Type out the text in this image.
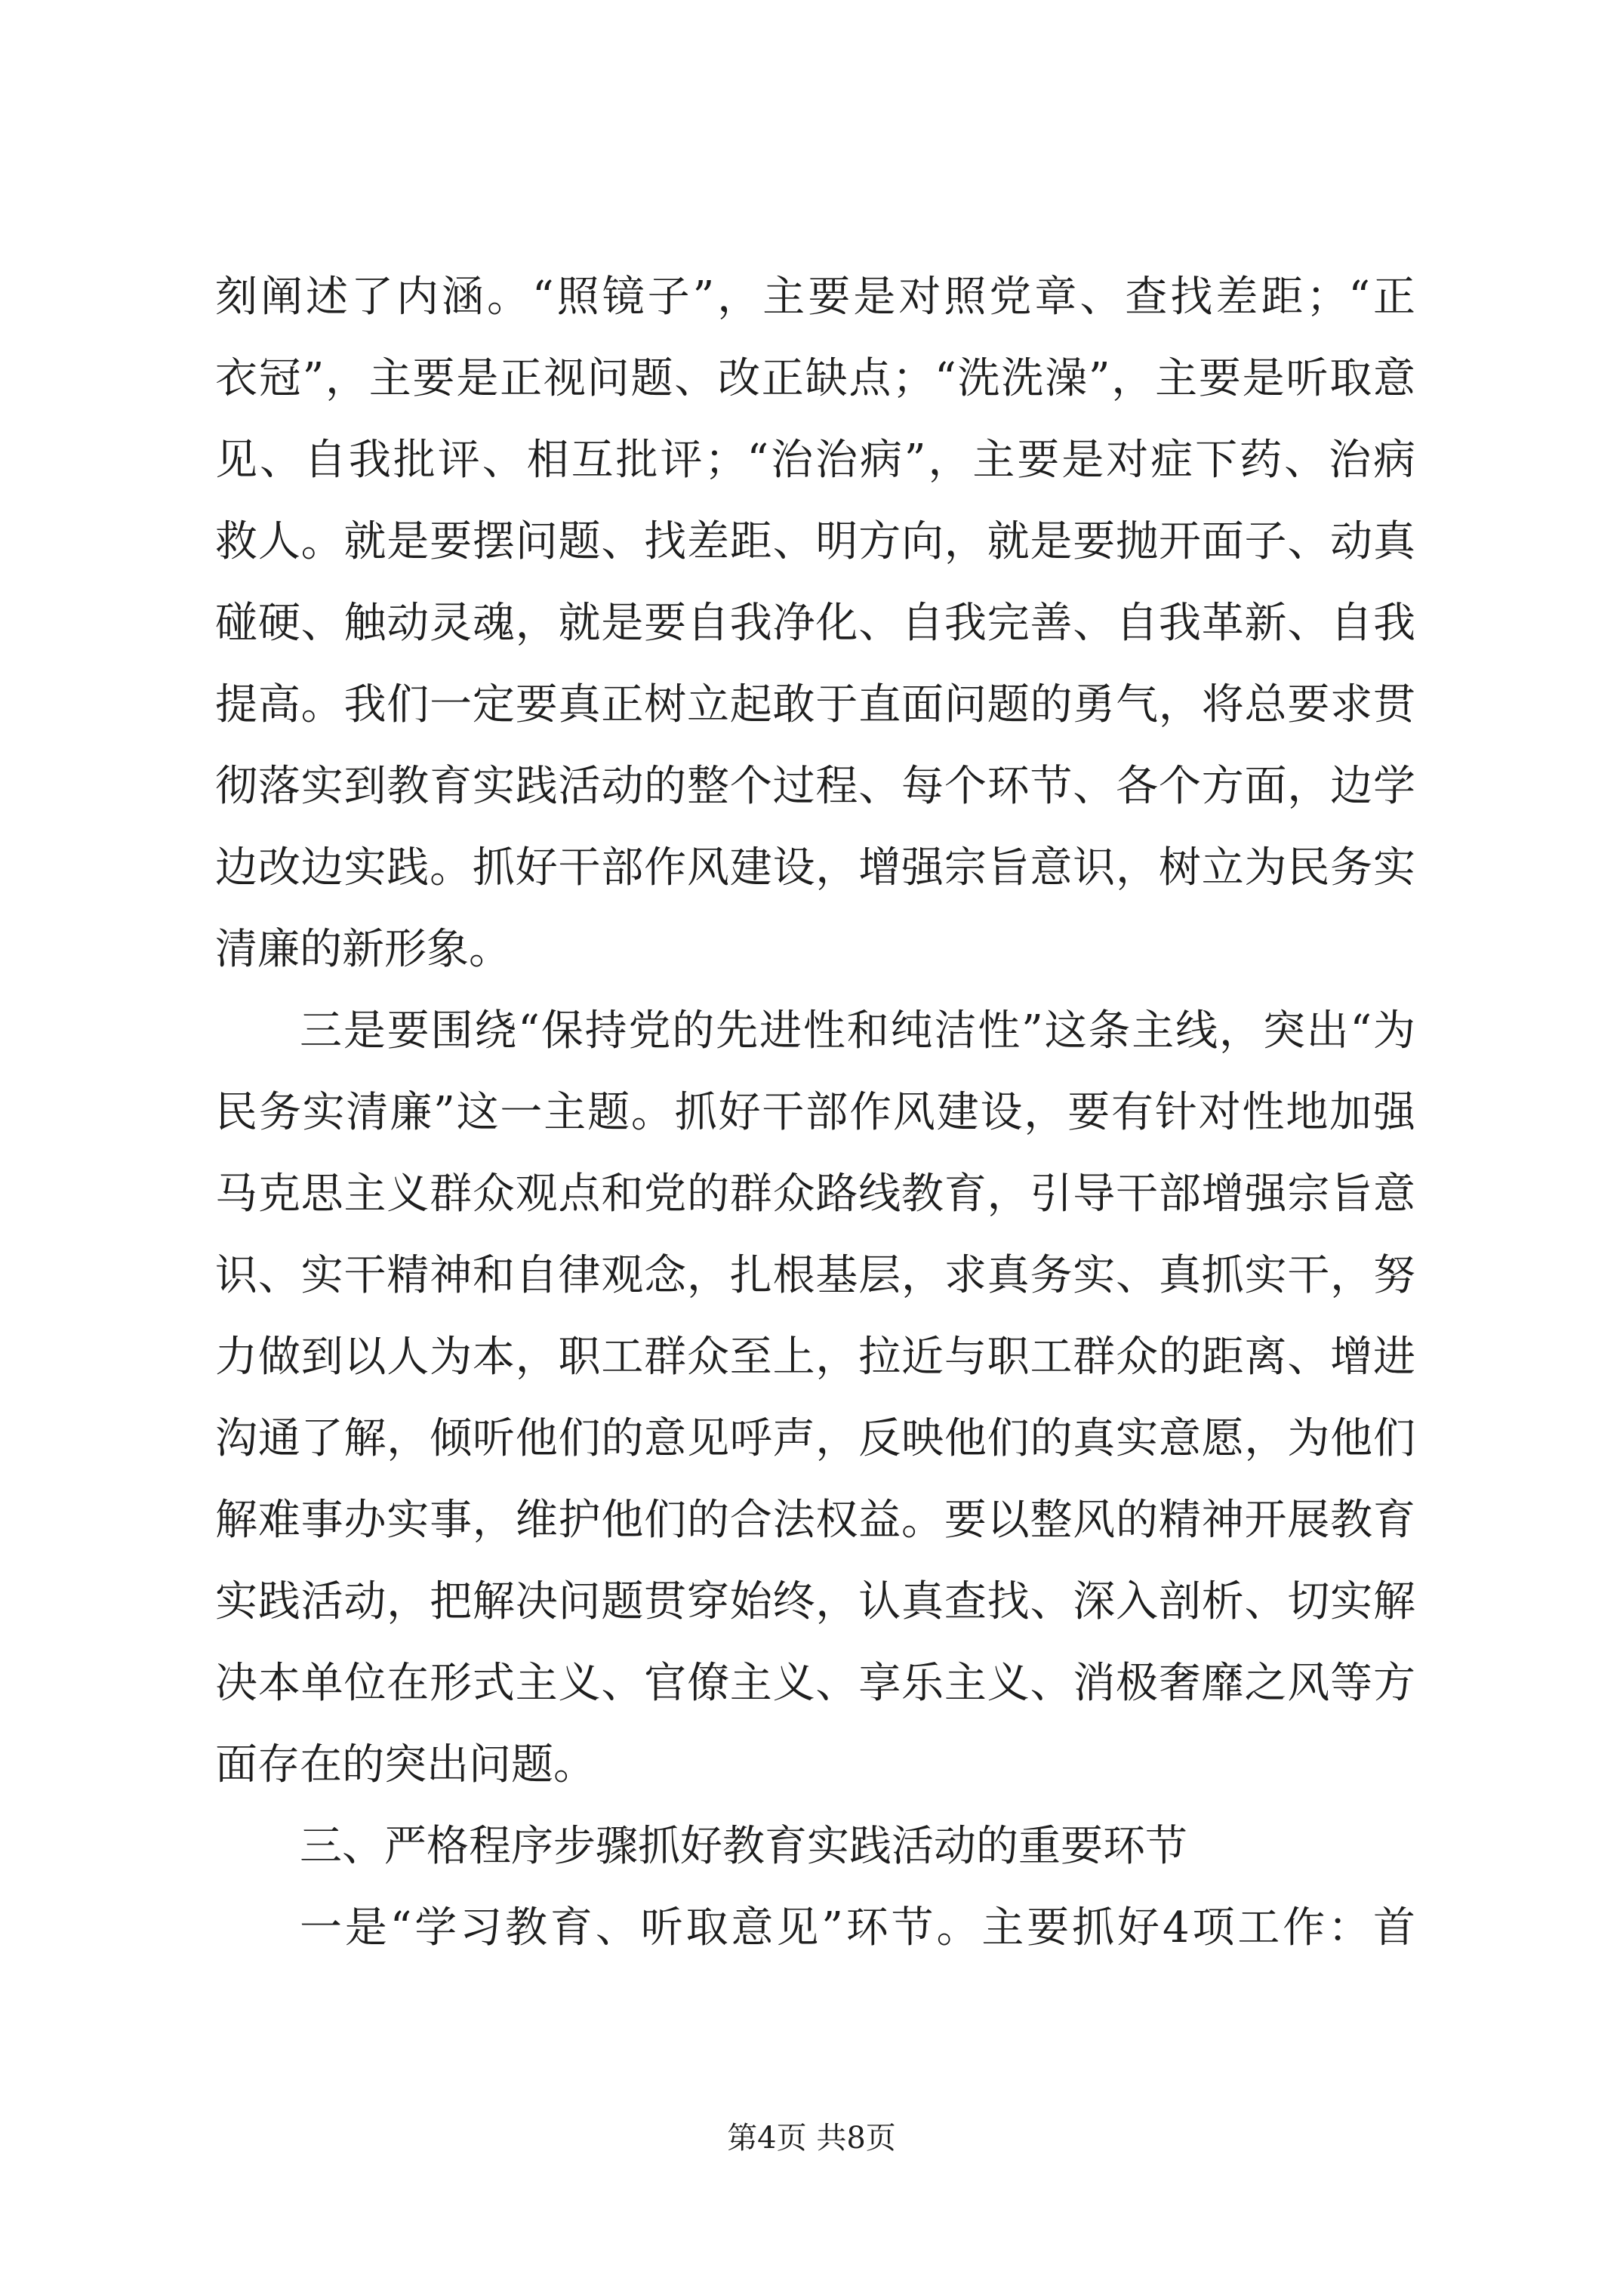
刻阐述了内涵。“照镜子”，主要是对照党章、查找差距；“正
衣冠”，主要是正视问题、改正缺点；“洗洗澡”，主要是听取意
见、自我批评、相互批评；“治治病”，主要是对症下药、治病
救人。就是要摆问题、找差距、明方向，就是要抛开面子、动真
碰硬、触动灵魂，就是要自我净化、自我完善、自我革新、自我
提高。我们一定要真正树立起敢于直面问题的勇气，将总要求贯
彻落实到教育实践活动的整个过程、每个环节、各个方面，边学
边改边实践。抓好干部作风建设，增强宗旨意识，树立为民务实
清廉的新形象。
三是要围绕“保持党的先进性和纯洁性”这条主线，突出“为
民务实清廉”这一主题。抓好干部作风建设，要有针对性地加强
马克思主义群众观点和党的群众路线教育，引导干部增强宗旨意
识、实干精神和自律观念，扎根基层，求真务实、真抓实干，努
力做到以人为本，职工群众至上，拉近与职工群众的距离、增进
沟通了解，倾听他们的意见呼声，反映他们的真实意愿，为他们
解难事办实事，维护他们的合法权益。要以整风的精神开展教育
实践活动，把解决问题贯穿始终，认真查找、深入剖析、切实解
决本单位在形式主义、官僚主义、享乐主义、消极奢靡之风等方
面存在的突出问题。
三、严格程序步骤抓好教育实践活动的重要环节
一是“学习教育、听取意见”环节。主要抓好4项工作：首
第4页 共8页
